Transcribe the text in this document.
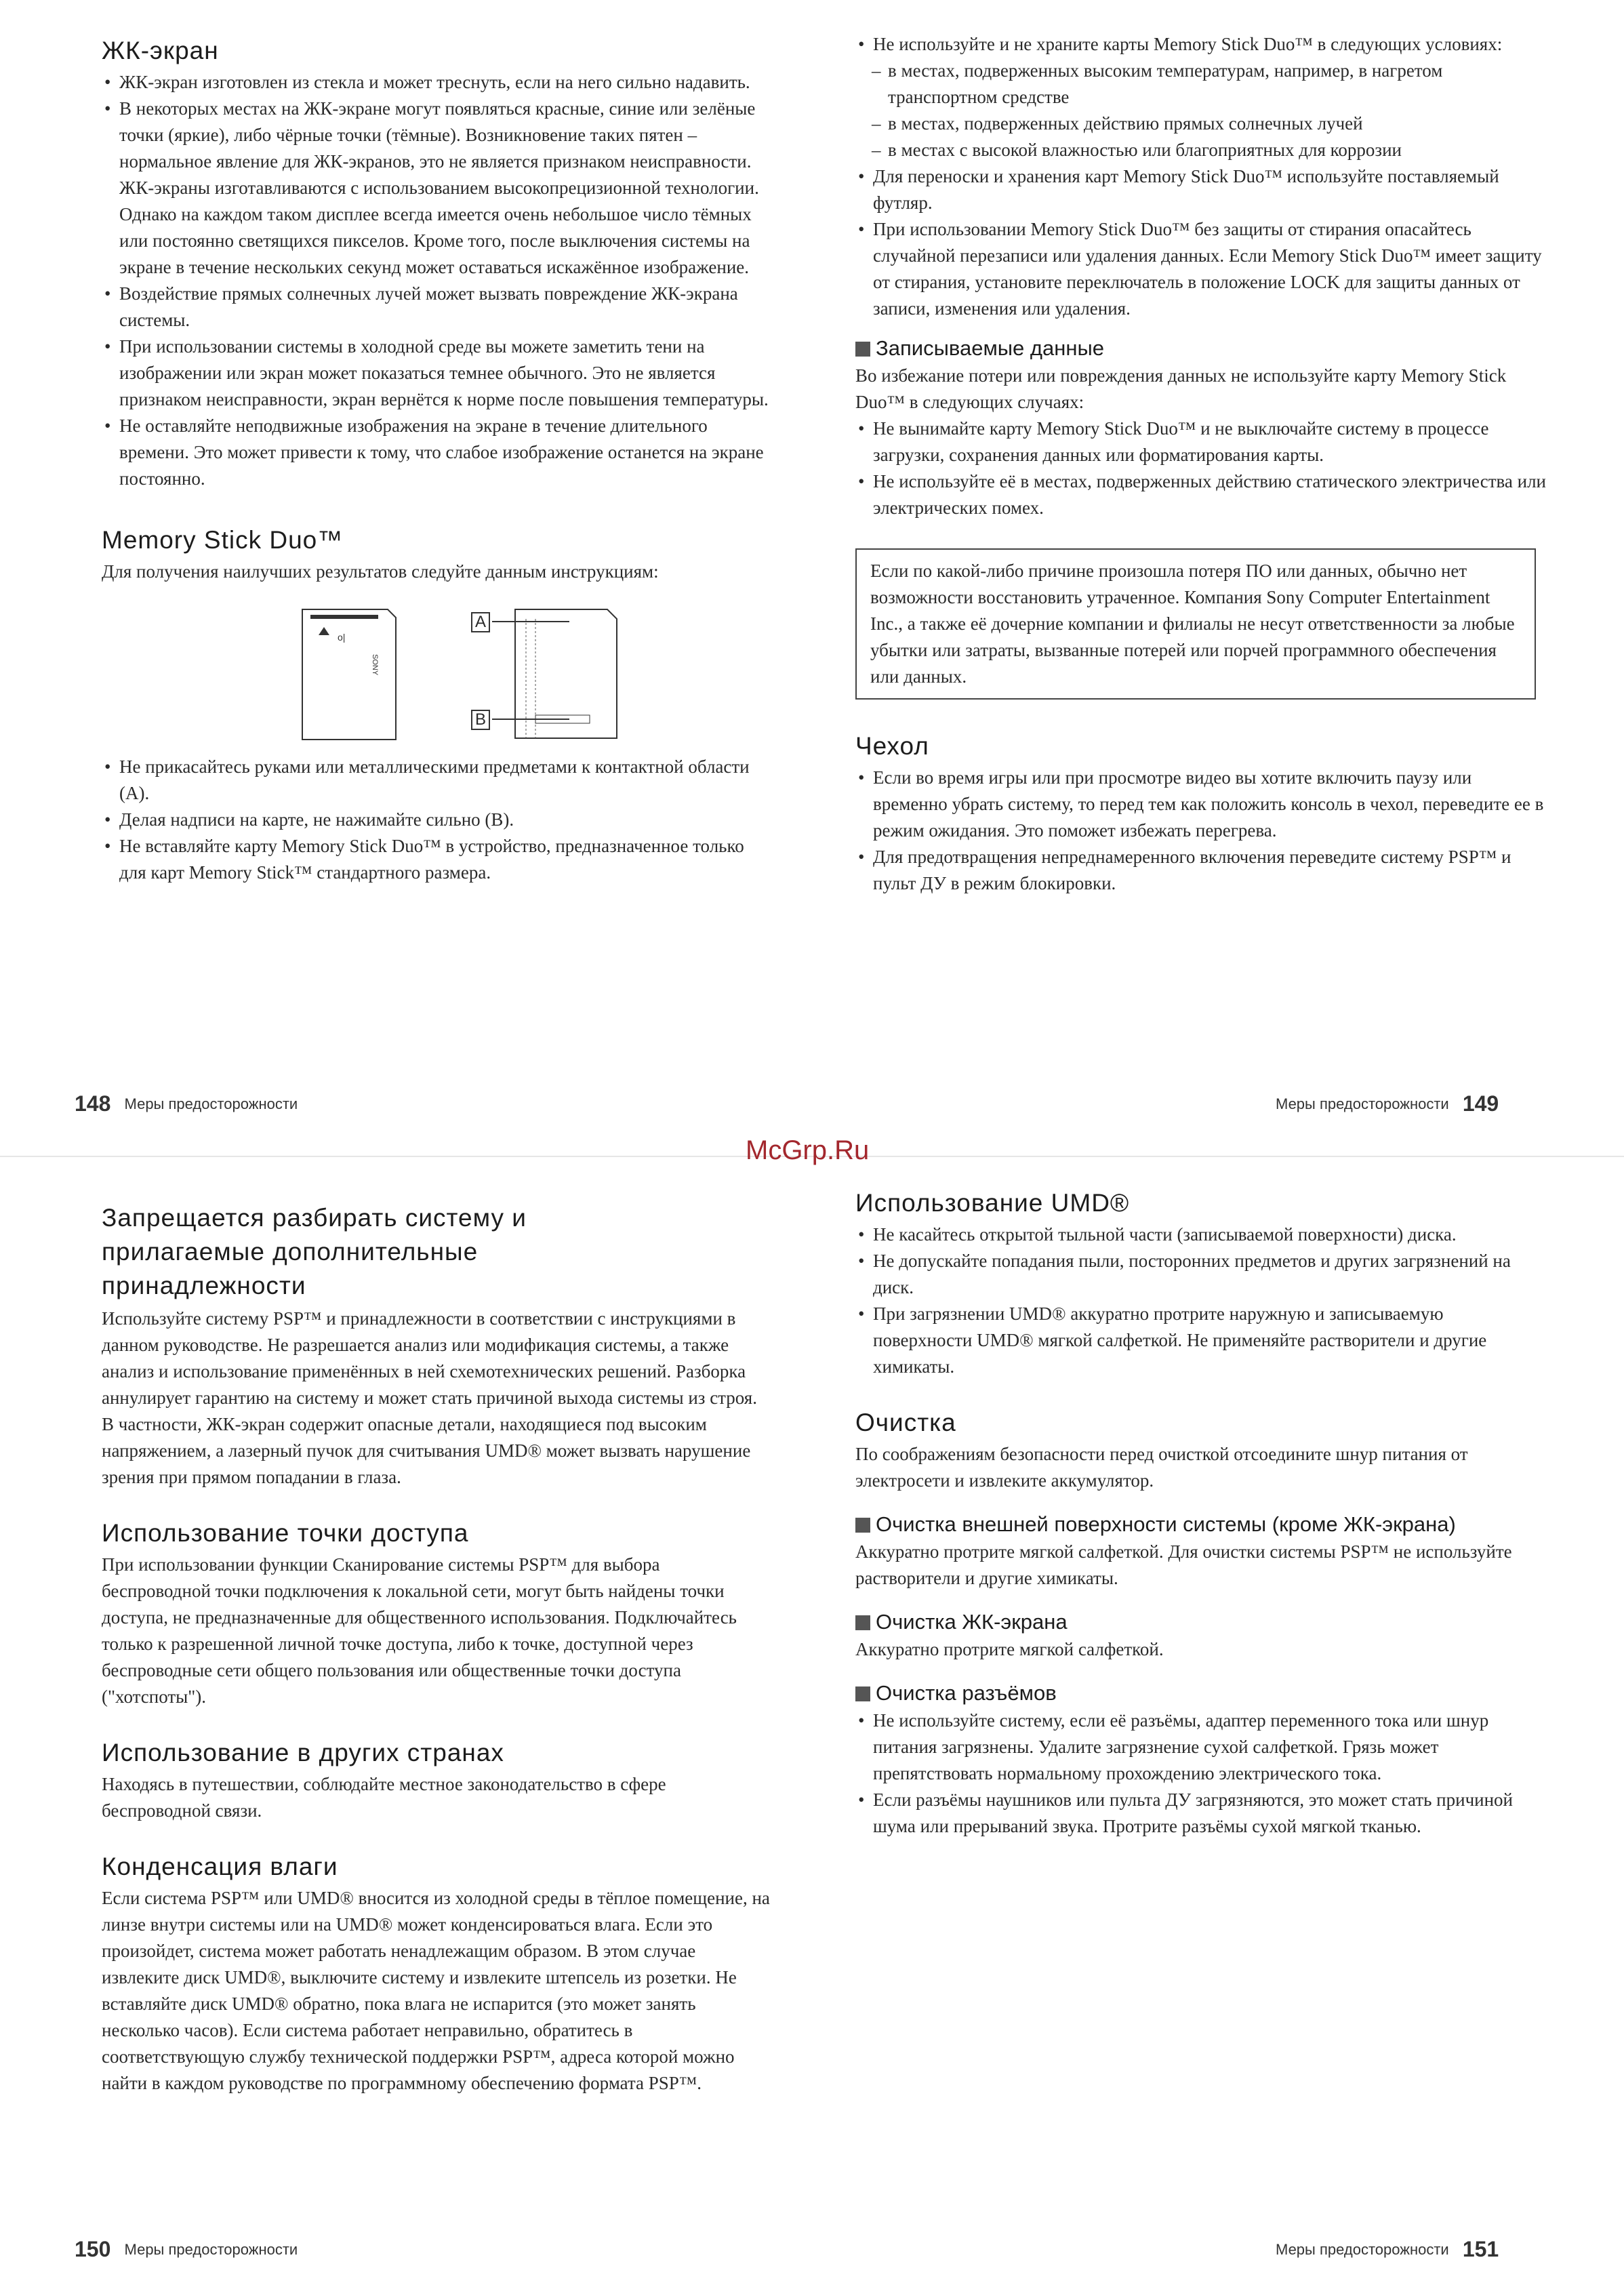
ЖК-экран
• ЖК-экран изготовлен из стекла и может треснуть, если на него сильно надавить.
• В некоторых местах на ЖК-экране могут появляться красные, синие или зелёные точки (яркие), либо чёрные точки (тёмные). Возникновение таких пятен – нормальное явление для ЖК-экранов, это не является признаком неисправности. ЖК-экраны изготавливаются с использованием высокопрецизионной технологии. Однако на каждом таком дисплее всегда имеется очень небольшое число тёмных или постоянно светящихся пикселов. Кроме того, после выключения системы на экране в течение нескольких секунд может оставаться искажённое изображение.
• Воздействие прямых солнечных лучей может вызвать повреждение ЖК-экрана системы.
• При использовании системы в холодной среде вы можете заметить тени на изображении или экран может показаться темнее обычного. Это не является признаком неисправности, экран вернётся к норме после повышения температуры.
• Не оставляйте неподвижные изображения на экране в течение длительного времени. Это может привести к тому, что слабое изображение останется на экране постоянно.
Memory Stick Duo™

Для получения наилучших результатов следуйте данным инструкциям:

o|
SONY
A
B
• Не прикасайтесь руками или металлическими предметами к контактной области (A).
• Делая надписи на карте, не нажимайте сильно (B).
• Не вставляйте карту Memory Stick Duo™ в устройство, предназначенное только для карт Memory Stick™ стандартного размера.
148 Меры предосторожности
• Не используйте и не храните карты Memory Stick Duo™ в следующих условиях:
– в местах, подверженных высоким температурам, например, в нагретом транспортном средстве
– в местах, подверженных действию прямых солнечных лучей
– в местах с высокой влажностью или благоприятных для коррозии
• Для переноски и хранения карт Memory Stick Duo™ используйте поставляемый футляр.
• При использовании Memory Stick Duo™ без защиты от стирания опасайтесь случайной перезаписи или удаления данных. Если Memory Stick Duo™ имеет защиту от стирания, установите переключатель в положение LOCK для защиты данных от записи, изменения или удаления.
Записываемые данные

Во избежание потери или повреждения данных не используйте карту Memory Stick Duo™ в следующих случаях:

• Не вынимайте карту Memory Stick Duo™ и не выключайте систему в процессе загрузки, сохранения данных или форматирования карты.
• Не используйте её в местах, подверженных действию статического электричества или электрических помех.
Если по какой-либо причине произошла потеря ПО или данных, обычно нет возможности восстановить утраченное. Компания Sony Computer Entertainment Inc., а также её дочерние компании и филиалы не несут ответственности за любые убытки или затраты, вызванные потерей или порчей программного обеспечения или данных.
Чехол
• Если во время игры или при просмотре видео вы хотите включить паузу или временно убрать систему, то перед тем как положить консоль в чехол, переведите ее в режим ожидания. Это поможет избежать перегрева.
• Для предотвращения непреднамеренного включения переведите систему PSP™ и пульт ДУ в режим блокировки.
Меры предосторожности 149
McGrp.Ru
Запрещается разбирать систему и прилагаемые дополнительные принадлежности

Используйте систему PSP™ и принадлежности в соответствии с инструкциями в данном руководстве. Не разрешается анализ или модификация системы, а также анализ и использование применённых в ней схемотехнических решений. Разборка аннулирует гарантию на систему и может стать причиной выхода системы из строя. В частности, ЖК-экран содержит опасные детали, находящиеся под высоким напряжением, а лазерный пучок для считывания UMD® может вызвать нарушение зрения при прямом попадании в глаза.

Использование точки доступа

При использовании функции Сканирование системы PSP™ для выбора беспроводной точки подключения к локальной сети, могут быть найдены точки доступа, не предназначенные для общественного использования. Подключайтесь только к разрешенной личной точке доступа, либо к точке, доступной через беспроводные сети общего пользования или общественные точки доступа ("хотспоты").

Использование в других странах

Находясь в путешествии, соблюдайте местное законодательство в сфере беспроводной связи.

Конденсация влаги

Если система PSP™ или UMD® вносится из холодной среды в тёплое помещение, на линзе внутри системы или на UMD® может конденсироваться влага. Если это произойдет, система может работать ненадлежащим образом. В этом случае извлеките диск UMD®, выключите систему и извлеките штепсель из розетки. Не вставляйте диск UMD® обратно, пока влага не испарится (это может занять несколько часов). Если система работает неправильно, обратитесь в соответствующую службу технической поддержки PSP™, адреса которой можно найти в каждом руководстве по программному обеспечению формата PSP™.

150 Меры предосторожности
Использование UMD®
• Не касайтесь открытой тыльной части (записываемой поверхности) диска.
• Не допускайте попадания пыли, посторонних предметов и других загрязнений на диск.
• При загрязнении UMD® аккуратно протрите наружную и записываемую поверхности UMD® мягкой салфеткой. Не применяйте растворители и другие химикаты.
Очистка

По соображениям безопасности перед очисткой отсоедините шнур питания от электросети и извлеките аккумулятор.

Очистка внешней поверхности системы (кроме ЖК-экрана)

Аккуратно протрите мягкой салфеткой. Для очистки системы PSP™ не используйте растворители и другие химикаты.

Очистка ЖК-экрана

Аккуратно протрите мягкой салфеткой.

Очистка разъёмов
• Не используйте систему, если её разъёмы, адаптер переменного тока или шнур питания загрязнены. Удалите загрязнение сухой салфеткой. Грязь может препятствовать нормальному прохождению электрического тока.
• Если разъёмы наушников или пульта ДУ загрязняются, это может стать причиной шума или прерываний звука. Протрите разъёмы сухой мягкой тканью.
Меры предосторожности 151
